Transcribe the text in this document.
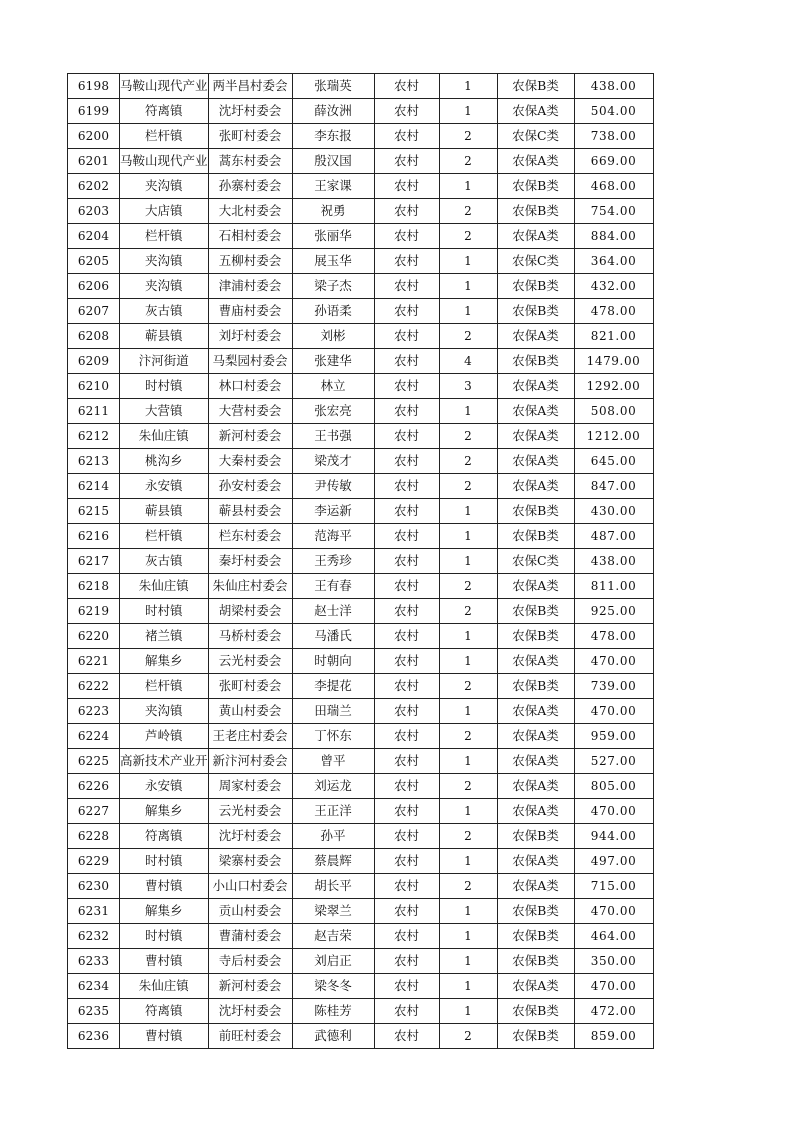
6198	马鞍山现代产业	两半昌村委会	张瑞英	农村	1	农保B类	438.00
6199	符离镇	沈圩村委会	薛汝洲	农村	1	农保A类	504.00
6200	栏杆镇	张町村委会	李东报	农村	2	农保C类	738.00
6201	马鞍山现代产业	蒿东村委会	殷汉国	农村	2	农保A类	669.00
6202	夹沟镇	孙寨村委会	王家课	农村	1	农保B类	468.00
6203	大店镇	大北村委会	祝勇	农村	2	农保B类	754.00
6204	栏杆镇	石相村委会	张丽华	农村	2	农保A类	884.00
6205	夹沟镇	五柳村委会	展玉华	农村	1	农保C类	364.00
6206	夹沟镇	津浦村委会	梁子杰	农村	1	农保B类	432.00
6207	灰古镇	曹庙村委会	孙语柔	农村	1	农保B类	478.00
6208	蕲县镇	刘圩村委会	刘彬	农村	2	农保A类	821.00
6209	汴河街道	马梨园村委会	张建华	农村	4	农保B类	1479.00
6210	时村镇	林口村委会	林立	农村	3	农保A类	1292.00
6211	大营镇	大营村委会	张宏亮	农村	1	农保A类	508.00
6212	朱仙庄镇	新河村委会	王书强	农村	2	农保A类	1212.00
6213	桃沟乡	大秦村委会	梁茂才	农村	2	农保A类	645.00
6214	永安镇	孙安村委会	尹传敏	农村	2	农保A类	847.00
6215	蕲县镇	蕲县村委会	李运新	农村	1	农保B类	430.00
6216	栏杆镇	栏东村委会	范海平	农村	1	农保B类	487.00
6217	灰古镇	秦圩村委会	王秀珍	农村	1	农保C类	438.00
6218	朱仙庄镇	朱仙庄村委会	王有春	农村	2	农保A类	811.00
6219	时村镇	胡梁村委会	赵士洋	农村	2	农保B类	925.00
6220	褚兰镇	马桥村委会	马潘氏	农村	1	农保B类	478.00
6221	解集乡	云光村委会	时朝向	农村	1	农保A类	470.00
6222	栏杆镇	张町村委会	李提花	农村	2	农保B类	739.00
6223	夹沟镇	黄山村委会	田瑞兰	农村	1	农保A类	470.00
6224	芦岭镇	王老庄村委会	丁怀东	农村	2	农保A类	959.00
6225	高新技术产业开	新汴河村委会	曾平	农村	1	农保A类	527.00
6226	永安镇	周家村委会	刘运龙	农村	2	农保A类	805.00
6227	解集乡	云光村委会	王正洋	农村	1	农保A类	470.00
6228	符离镇	沈圩村委会	孙平	农村	2	农保B类	944.00
6229	时村镇	梁寨村委会	蔡晨辉	农村	1	农保A类	497.00
6230	曹村镇	小山口村委会	胡长平	农村	2	农保A类	715.00
6231	解集乡	贡山村委会	梁翠兰	农村	1	农保B类	470.00
6232	时村镇	曹蒲村委会	赵吉荣	农村	1	农保B类	464.00
6233	曹村镇	寺后村委会	刘启正	农村	1	农保B类	350.00
6234	朱仙庄镇	新河村委会	梁冬冬	农村	1	农保A类	470.00
6235	符离镇	沈圩村委会	陈桂芳	农村	1	农保B类	472.00
6236	曹村镇	前旺村委会	武德利	农村	2	农保B类	859.00
